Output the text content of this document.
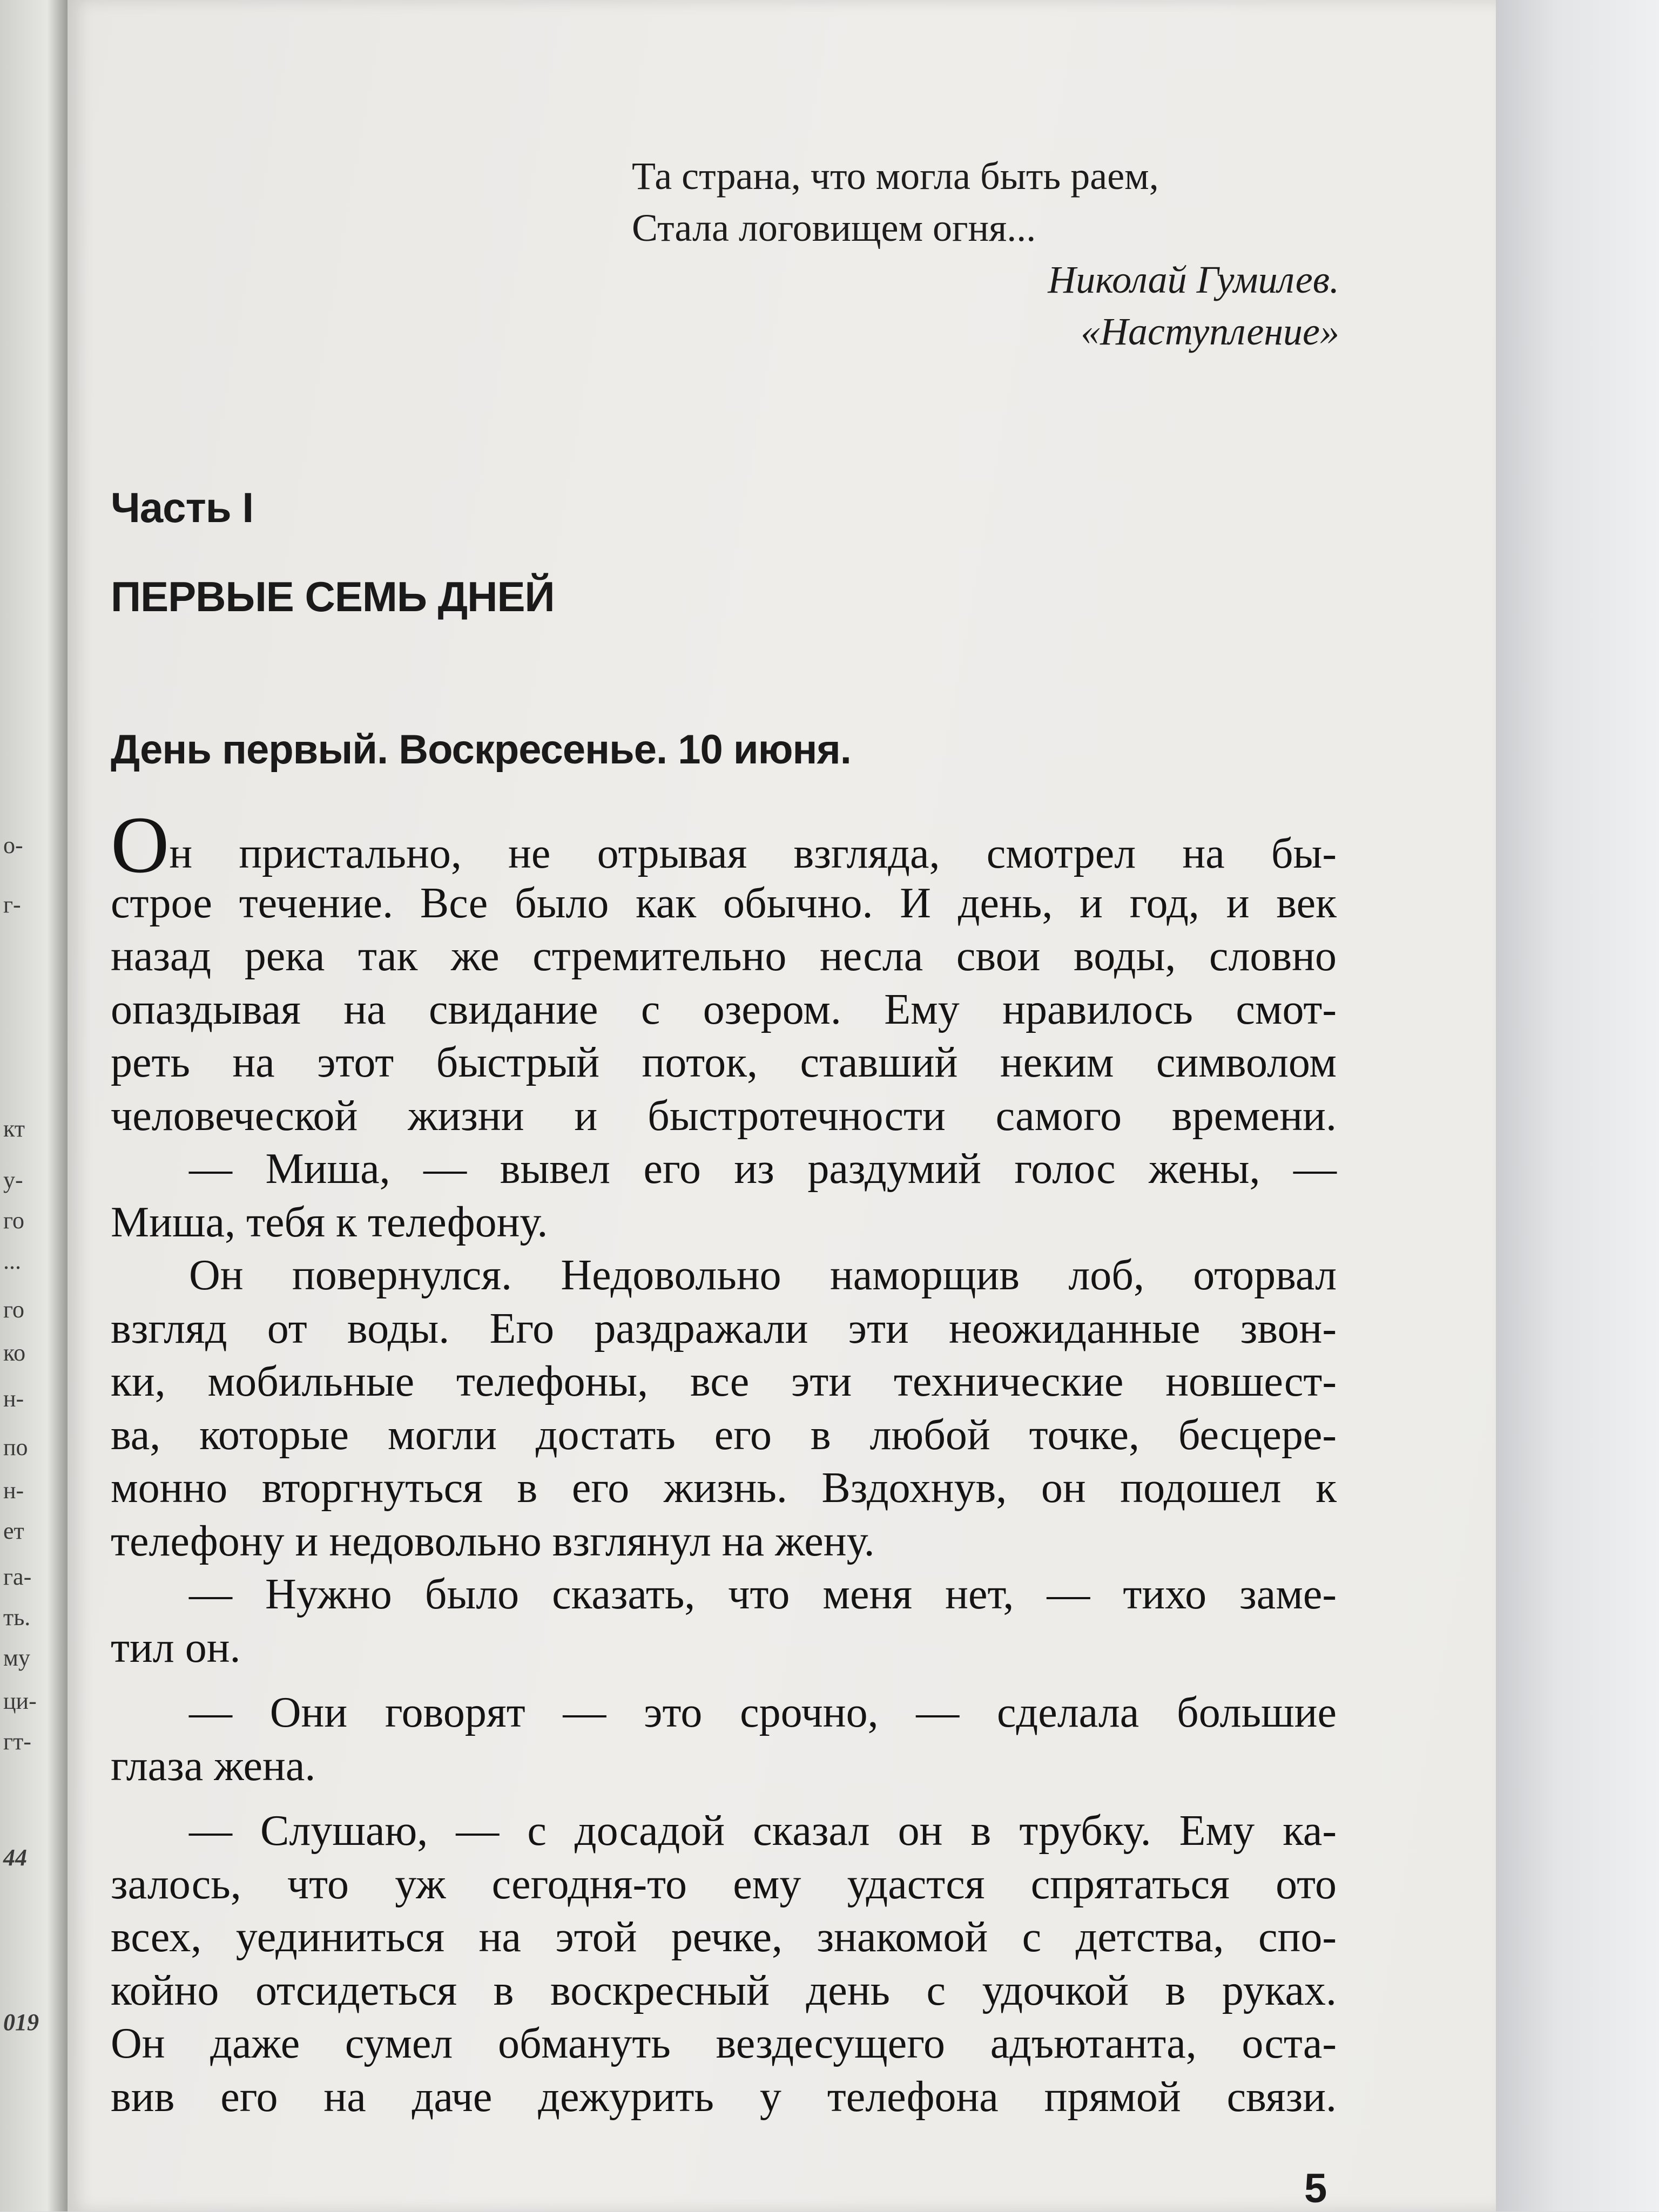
о-
г-
кт
у-
го
...
го
ко
н-
по
н-
ет
га-
ть.
му
ци-
гт-
44
019
Та страна, что могла быть раем,
Стала логовищем огня...
Николай Гумилев.
«Наступление»
Часть I
ПЕРВЫЕ СЕМЬ ДНЕЙ
День первый. Воскресенье. 10 июня.
Он пристально, не отрывая взгляда, смотрел на бы-
строе течение. Все было как обычно. И день, и год, и век
назад река так же стремительно несла свои воды, словно
опаздывая на свидание с озером. Ему нравилось смот-
реть на этот быстрый поток, ставший неким символом
человеческой жизни и быстротечности самого времени.
— Миша, — вывел его из раздумий голос жены, —
Миша, тебя к телефону.
Он повернулся. Недовольно наморщив лоб, оторвал
взгляд от воды. Его раздражали эти неожиданные звон-
ки, мобильные телефоны, все эти технические новшест-
ва, которые могли достать его в любой точке, бесцере-
монно вторгнуться в его жизнь. Вздохнув, он подошел к
телефону и недовольно взглянул на жену.
— Нужно было сказать, что меня нет, — тихо заме-
тил он.
— Они говорят — это срочно, — сделала большие
глаза жена.
— Слушаю, — с досадой сказал он в трубку. Ему ка-
залось, что уж сегодня-то ему удастся спрятаться ото
всех, уединиться на этой речке, знакомой с детства, спо-
койно отсидеться в воскресный день с удочкой в руках.
Он даже сумел обмануть вездесущего адъютанта, оста-
вив его на даче дежурить у телефона прямой связи.
5
